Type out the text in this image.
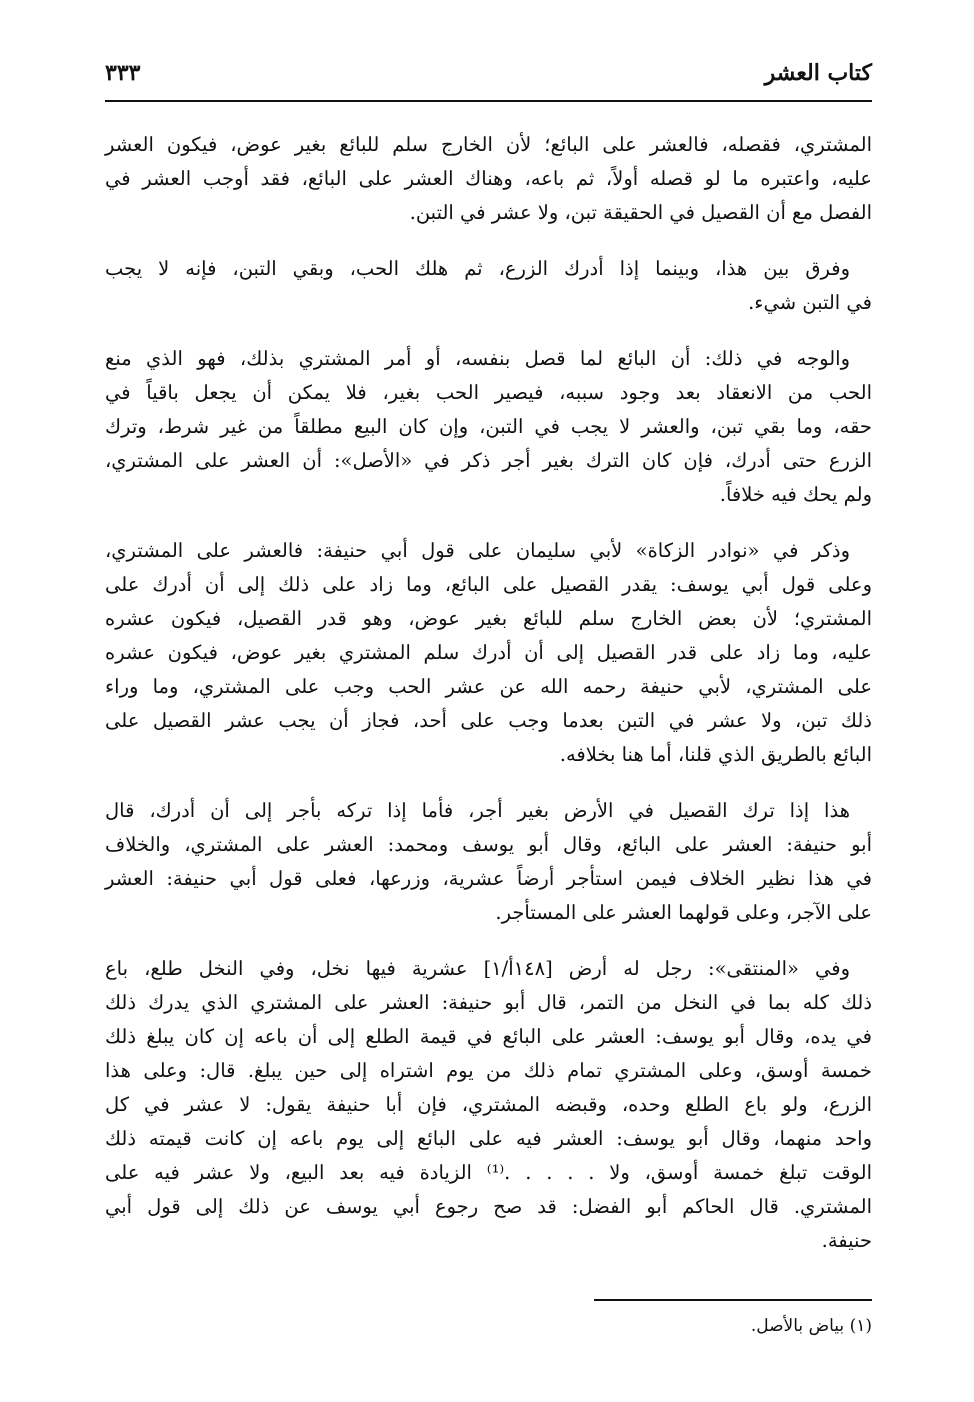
كتاب العشر
٣٣٣
المشتري، فقصله، فالعشر على البائع؛ لأن الخارج سلم للبائع بغير عوض، فيكون العشر
عليه، واعتبره ما لو قصله أولاً، ثم باعه، وهناك العشر على البائع، فقد أوجب العشر في
الفصل مع أن القصيل في الحقيقة تبن، ولا عشر في التبن.
وفرق بين هذا، وبينما إذا أدرك الزرع، ثم هلك الحب، وبقي التبن، فإنه لا يجب
في التبن شيء.
والوجه في ذلك: أن البائع لما قصل بنفسه، أو أمر المشتري بذلك، فهو الذي منع
الحب من الانعقاد بعد وجود سببه، فيصير الحب بغير، فلا يمكن أن يجعل باقياً في
حقه، وما بقي تبن، والعشر لا يجب في التبن، وإن كان البيع مطلقاً من غير شرط، وترك
الزرع حتى أدرك، فإن كان الترك بغير أجر ذكر في «الأصل»: أن العشر على المشتري،
ولم يحك فيه خلافاً.
وذكر في «نوادر الزكاة» لأبي سليمان على قول أبي حنيفة: فالعشر على المشتري،
وعلى قول أبي يوسف: يقدر القصيل على البائع، وما زاد على ذلك إلى أن أدرك على
المشتري؛ لأن بعض الخارج سلم للبائع بغير عوض، وهو قدر القصيل، فيكون عشره
عليه، وما زاد على قدر القصيل إلى أن أدرك سلم المشتري بغير عوض، فيكون عشره
على المشتري، لأبي حنيفة رحمه الله عن عشر الحب وجب على المشتري، وما وراء
ذلك تبن، ولا عشر في التبن بعدما وجب على أحد، فجاز أن يجب عشر القصيل على
البائع بالطريق الذي قلنا، أما هنا بخلافه.
هذا إذا ترك القصيل في الأرض بغير أجر، فأما إذا تركه بأجر إلى أن أدرك، قال
أبو حنيفة: العشر على البائع، وقال أبو يوسف ومحمد: العشر على المشتري، والخلاف
في هذا نظير الخلاف فيمن استأجر أرضاً عشرية، وزرعها، فعلى قول أبي حنيفة: العشر
على الآجر، وعلى قولهما العشر على المستأجر.
وفي «المنتقى»: رجل له أرض [١٤٨أ/١] عشرية فيها نخل، وفي النخل طلع، باع
ذلك كله بما في النخل من التمر، قال أبو حنيفة: العشر على المشتري الذي يدرك ذلك
في يده، وقال أبو يوسف: العشر على البائع في قيمة الطلع إلى أن باعه إن كان يبلغ ذلك
خمسة أوسق، وعلى المشتري تمام ذلك من يوم اشتراه إلى حين يبلغ. قال: وعلى هذا
الزرع، ولو باع الطلع وحده، وقبضه المشتري، فإن أبا حنيفة يقول: لا عشر في كل
واحد منهما، وقال أبو يوسف: العشر فيه على البائع إلى يوم باعه إن كانت قيمته ذلك
الوقت تبلغ خمسة أوسق، ولا . . . . .⁽¹⁾ الزيادة فيه بعد البيع، ولا عشر فيه على
المشتري. قال الحاكم أبو الفضل: قد صح رجوع أبي يوسف عن ذلك إلى قول أبي
حنيفة.
(١) بياض بالأصل.
